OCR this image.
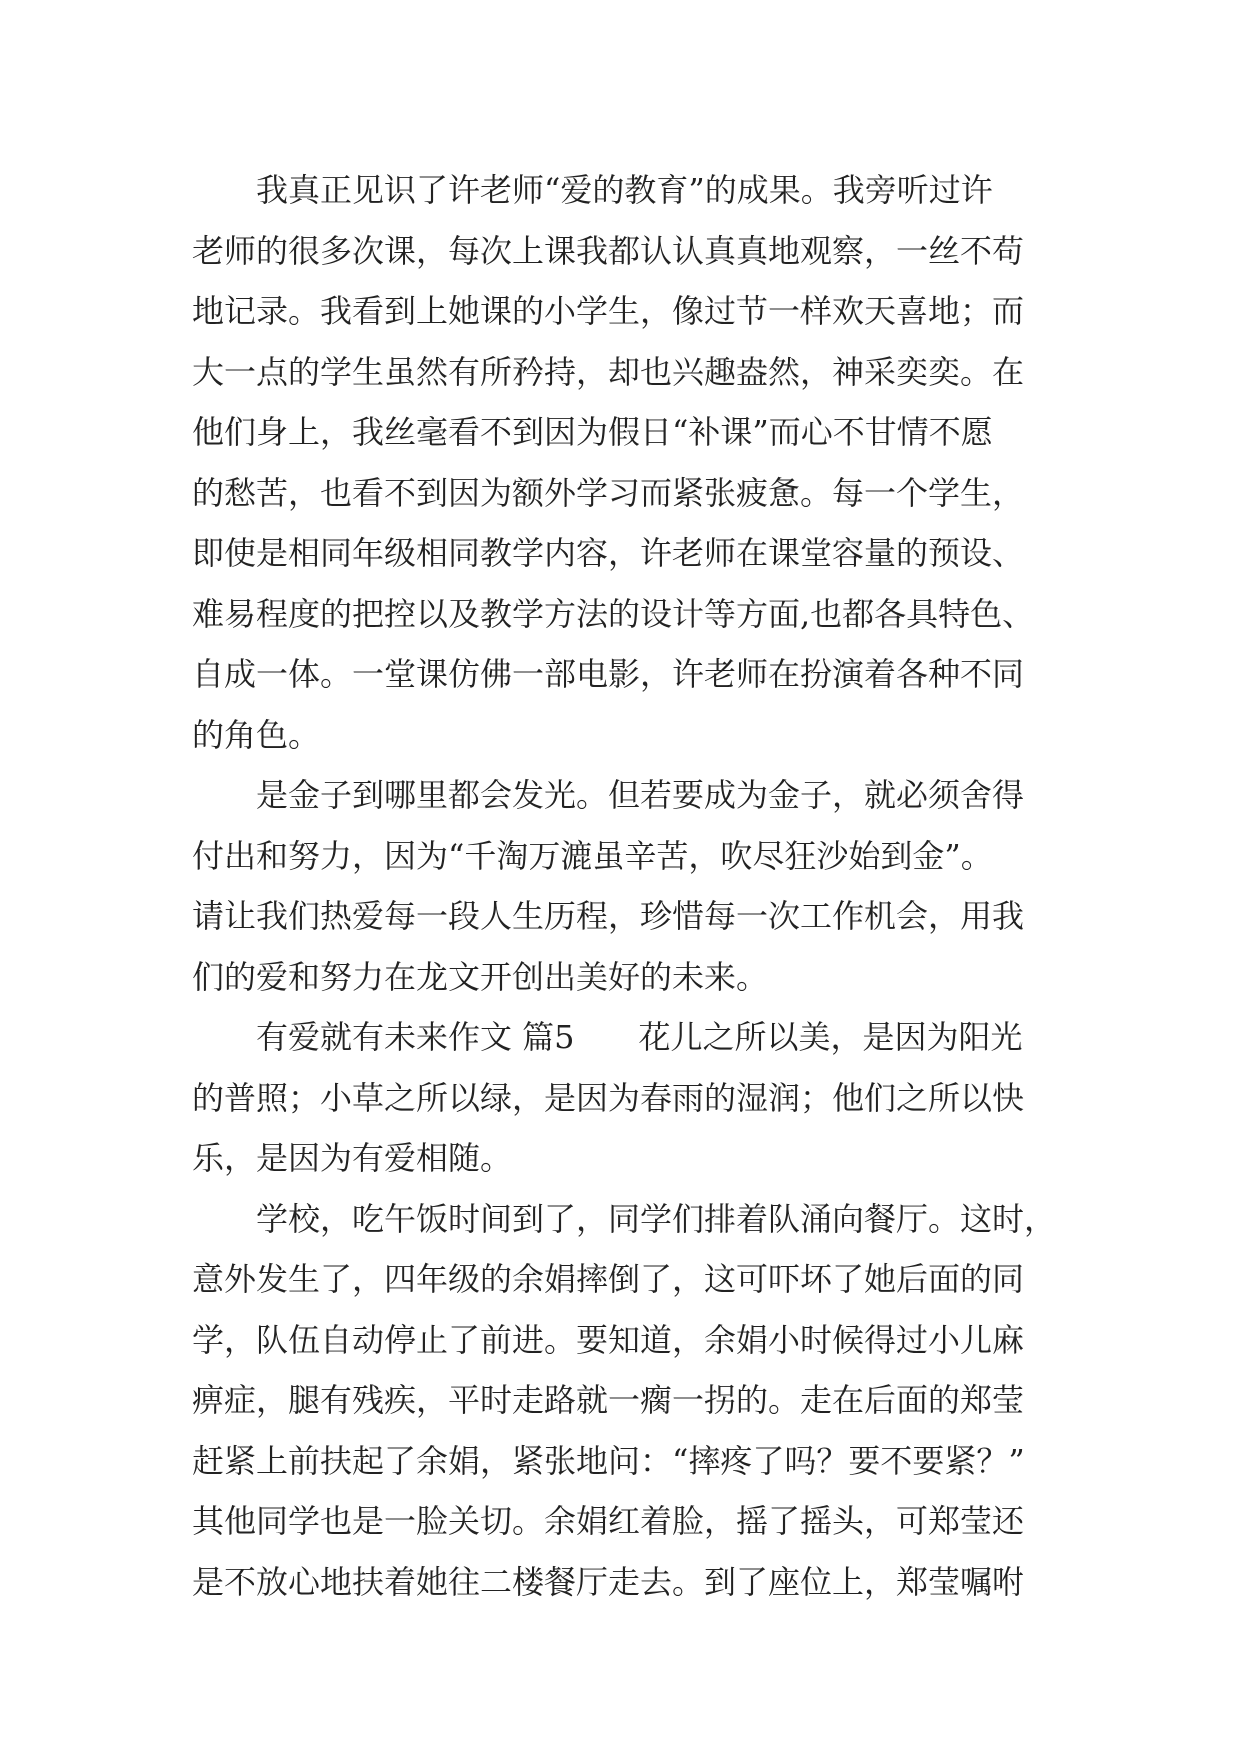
我真正见识了许老师“爱的教育”的成果。我旁听过许

老师的很多次课，每次上课我都认认真真地观察，一丝不苟

地记录。我看到上她课的小学生，像过节一样欢天喜地；而

大一点的学生虽然有所矜持，却也兴趣盎然，神采奕奕。在

他们身上，我丝毫看不到因为假日“补课”而心不甘情不愿

的愁苦，也看不到因为额外学习而紧张疲惫。每一个学生，

即使是相同年级相同教学内容，许老师在课堂容量的预设、

难易程度的把控以及教学方法的设计等方面,也都各具特色、

自成一体。一堂课仿佛一部电影，许老师在扮演着各种不同

的角色。

是金子到哪里都会发光。但若要成为金子，就必须舍得

付出和努力，因为“千淘万漉虽辛苦，吹尽狂沙始到金”。

请让我们热爱每一段人生历程，珍惜每一次工作机会，用我

们的爱和努力在龙文开创出美好的未来。

有爱就有未来作文 篇5 花儿之所以美，是因为阳光

的普照；小草之所以绿，是因为春雨的湿润；他们之所以快

乐，是因为有爱相随。

学校，吃午饭时间到了，同学们排着队涌向餐厅。这时，

意外发生了，四年级的余娟摔倒了，这可吓坏了她后面的同

学，队伍自动停止了前进。要知道，余娟小时候得过小儿麻

痹症，腿有残疾，平时走路就一瘸一拐的。走在后面的郑莹

赶紧上前扶起了余娟，紧张地问：“摔疼了吗？要不要紧？”

其他同学也是一脸关切。余娟红着脸，摇了摇头，可郑莹还

是不放心地扶着她往二楼餐厅走去。到了座位上，郑莹嘱咐
